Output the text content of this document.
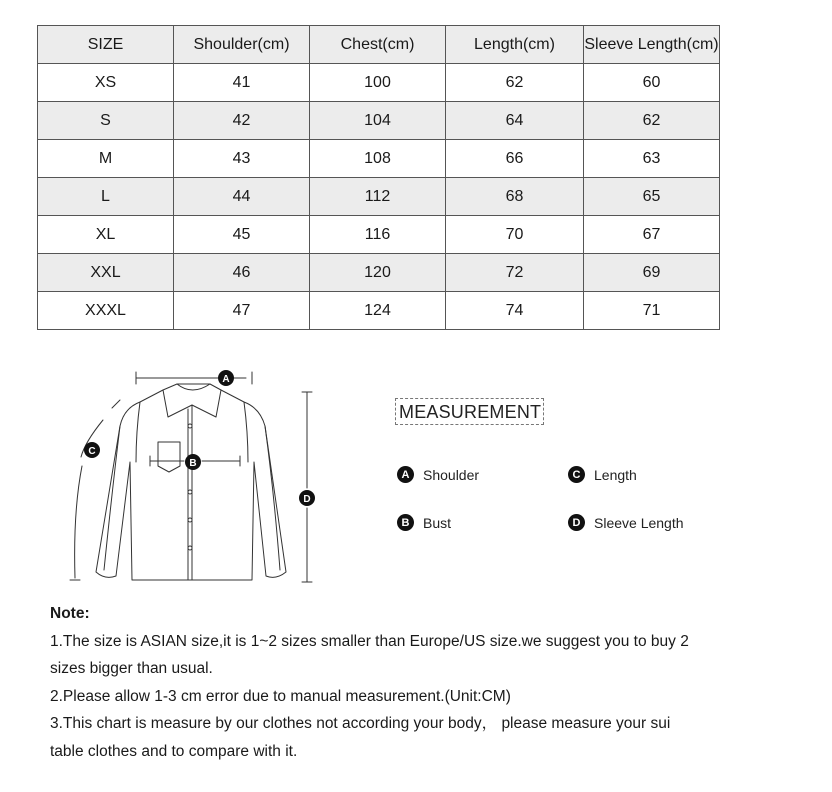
SIZE	Shoulder(cm)	Chest(cm)	Length(cm)	Sleeve Length(cm)
XS	41	100	62	60
S	42	104	64	62
M	43	108	66	63
L	44	112	68	65
XL	45	116	70	67
XXL	46	120	72	69
XXXL	47	124	74	71
A
B
C
D
MEASUREMENT
A Shoulder
B Bust
C Length
D Sleeve Length
Note:
1.The size is ASIAN size,it is 1~2 sizes smaller than Europe/US size.we suggest you to buy 2
sizes bigger than usual.
2.Please allow 1-3 cm error due to manual measurement.(Unit:CM)
3.This chart is measure by our clothes not according your body， please measure your sui
table clothes and to compare with it.
